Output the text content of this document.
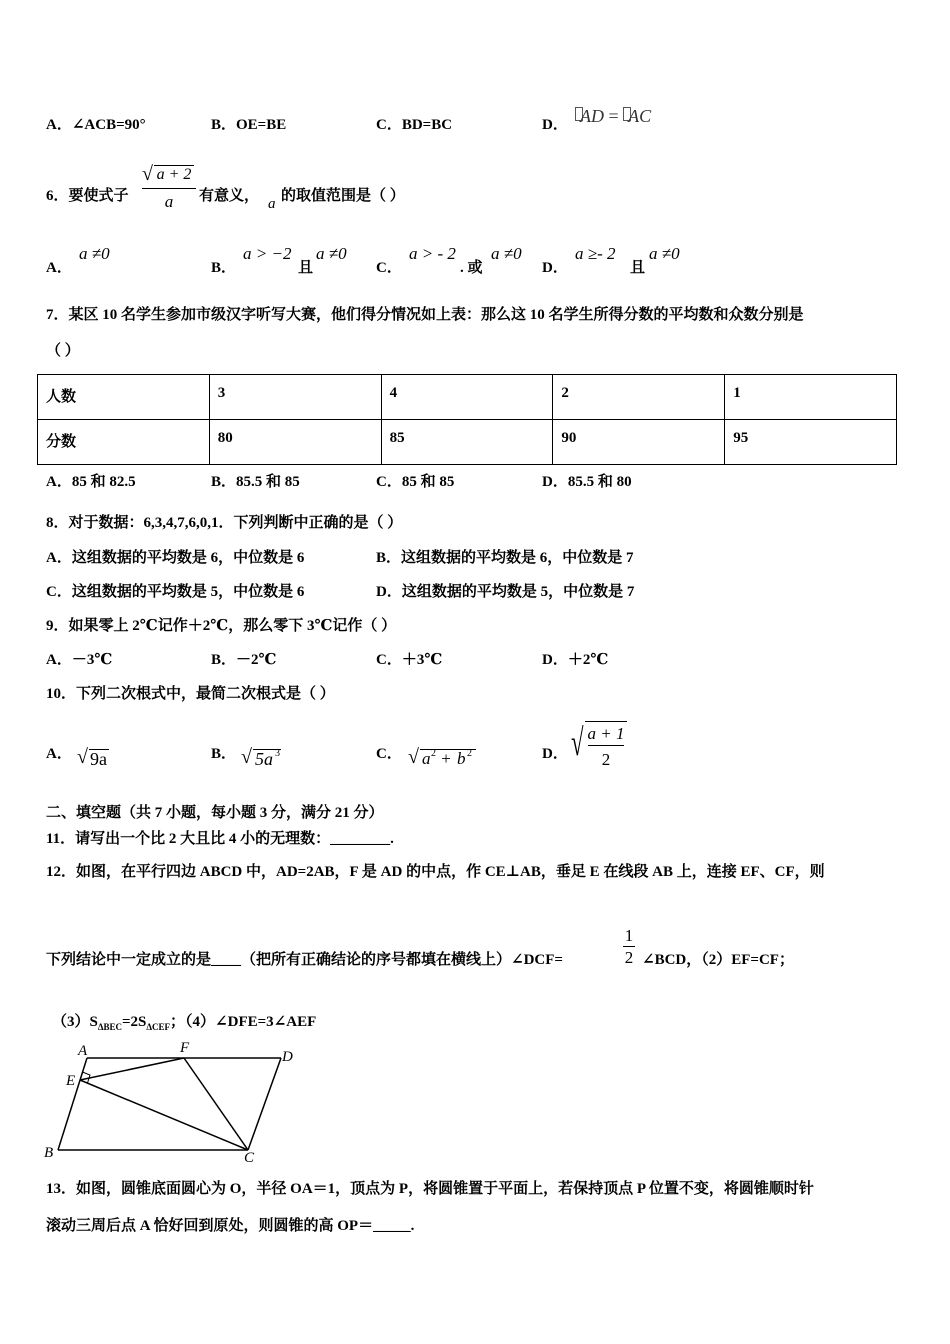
A．∠ACB=90°	B．OE=BE	C．BD=BC	D． AD = AC
6．要使式子
√ a + 2
a	有意义， a 的取值范围是（ ）
A．
a ≠0
B．
a > −2
且
a ≠0
C．
a > - 2
. 或
a ≠0
D．
a ≥- 2
且
a ≠0
7．某区 10 名学生参加市级汉字听写大赛，他们得分情况如上表：那么这 10 名学生所得分数的平均数和众数分别是
（ ）
人数	3	4	2	1
分数	80	85	90	95
A．85 和 82.5	B．85.5 和 85	C．85 和 85	D．85.5 和 80
8．对于数据：6,3,4,7,6,0,1．下列判断中正确的是（ ）
A．这组数据的平均数是 6，中位数是 6	B．这组数据的平均数是 6，中位数是 7
C．这组数据的平均数是 5，中位数是 6	D．这组数据的平均数是 5，中位数是 7
9．如果零上 2℃记作＋2℃，那么零下 3℃记作（ ）
A．－3℃	B．－2℃	C．＋3℃	D．＋2℃
10．下列二次根式中，最简二次根式是（ ）
A． √ 9a	B． √ 5a 3	C． √ a 2 + b 2	D． √ a + 1
2
二、填空题（共 7 小题，每小题 3 分，满分 21 分）
11．请写出一个比 2 大且比 4 小的无理数：________.
12．如图，在平行四边 ABCD 中，AD=2AB，F 是 AD 的中点，作 CE⊥AB，垂足 E 在线段 AB 上，连接 EF、CF，则
下列结论中一定成立的是____（把所有正确结论的序号都填在横线上）∠DCF=
1
2 ∠BCD，（2）EF=CF；
$(3)S_{\Delta BEC}=2S_{\Delta CEF}$；（4）∠DFE=3∠AEF
A	F
D
E
B	C
13．如图，圆锥底面圆心为 O，半径 OA＝1，顶点为 P，将圆锥置于平面上，若保持顶点 P 位置不变，将圆锥顺时针
滚动三周后点 A 恰好回到原处，则圆锥的高 OP＝_____.
